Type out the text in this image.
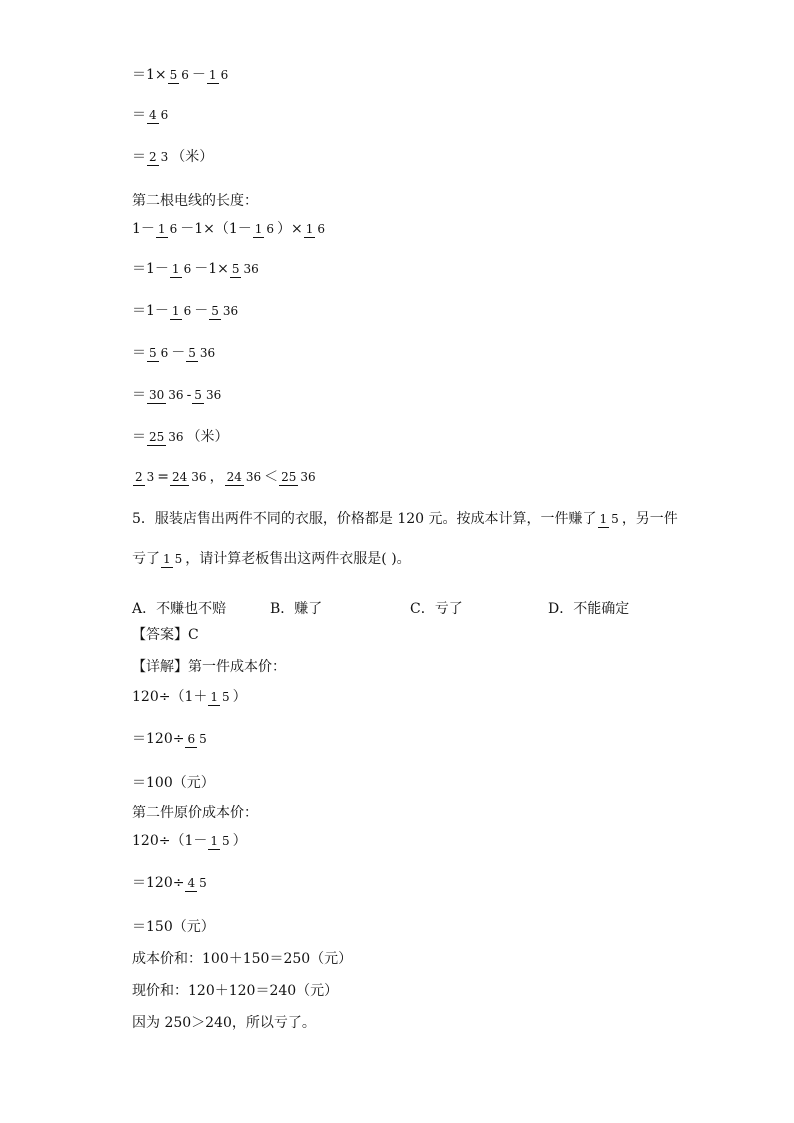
＝1× 5 6 － 1 6
＝ 4 6
＝ 2 3 （米）
第二根电线的长度：
1－ 1 6 －1×（1－ 1 6 ）× 1 6
＝1－ 1 6 －1× 5 36
＝1－ 1 6 － 5 36
＝ 5 6 － 5 36
＝ 30 36 - 5 36
＝ 25 36 （米）
2 3 = 24 36 ， 24 36 ＜ 25 36
5．服装店售出两件不同的衣服，价格都是 120 元。按成本计算，一件赚了 1 5 ，另一件
亏了 1 5 ，请计算老板售出这两件衣服是( )。
【答案】C
【详解】第一件成本价：
120÷（1＋ 1 5 ）
＝120÷ 6 5
＝100（元）
第二件原价成本价：
120÷（1－ 1 5 ）
＝120÷ 4 5
＝150（元）
成本价和：100＋150＝250（元）
现价和：120＋120＝240（元）
因为 250＞240，所以亏了。
A．不赚也不赔	B．赚了	C．亏了	D．不能确定
